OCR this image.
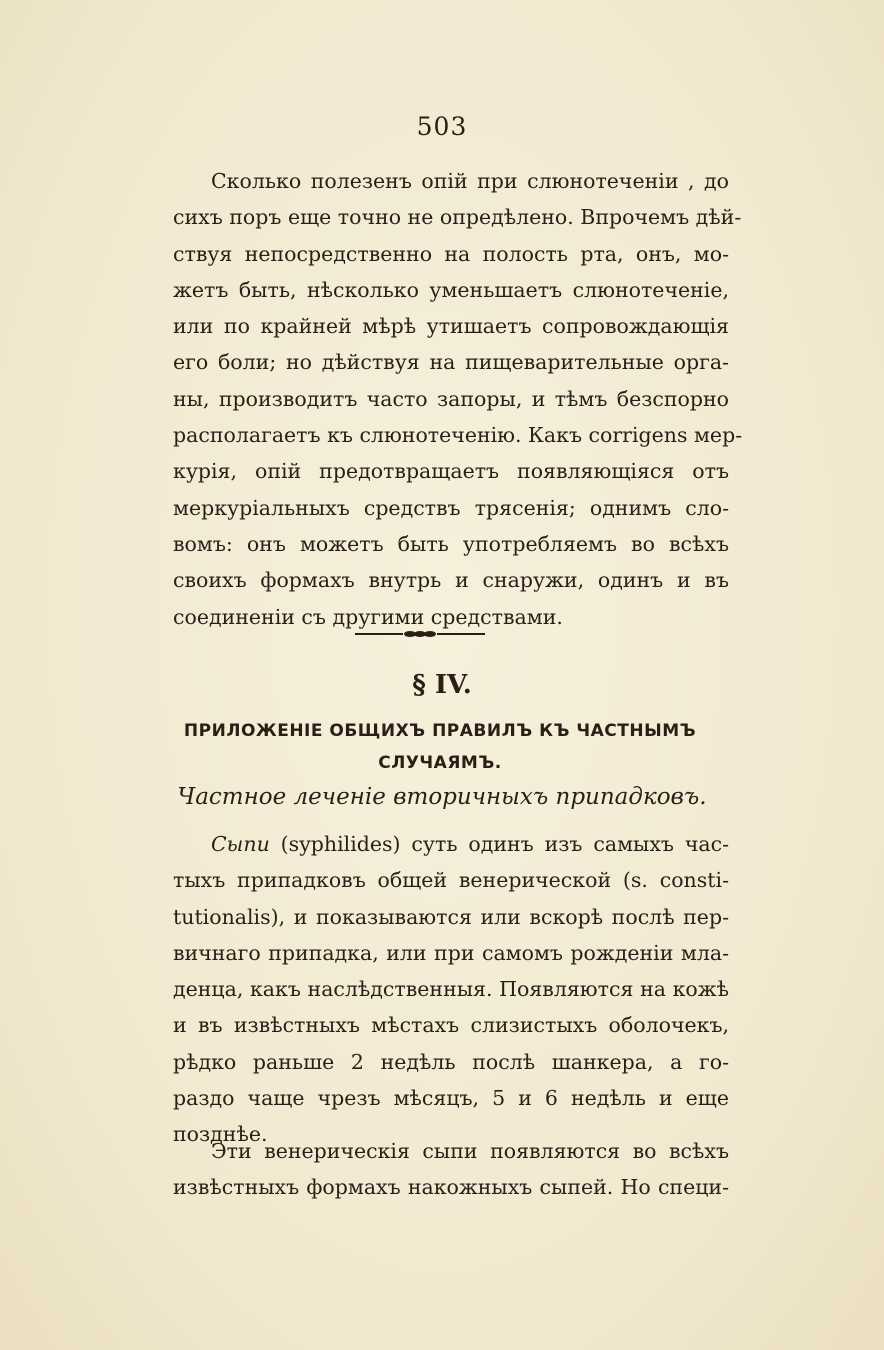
503
Сколько полезенъ опій при слюнотеченіи , до
сихъ поръ еще точно не опредѣлено. Впрочемъ дѣй-
ствуя непосредственно на полость рта, онъ, мо-
жетъ быть, нѣсколько уменьшаетъ слюнотеченіе,
или по крайней мѣрѣ утишаетъ сопровождающія
его боли; но дѣйствуя на пищеварительные орга-
ны, производитъ часто запоры, и тѣмъ безспорно
располагаетъ къ слюнотеченію. Какъ corrigens мер-
курія, опій предотвращаетъ появляющіяся отъ
меркуріальныхъ средствъ трясенія; однимъ сло-
вомъ: онъ можетъ быть употребляемъ во всѣхъ
своихъ формахъ внутрь и снаружи, одинъ и въ
соединеніи съ другими средствами.
§ IV.
ПРИЛОЖЕНІЕ ОБЩИХЪ ПРАВИЛЪ КЪ ЧАСТНЫМЪ
СЛУЧАЯМЪ.
Частное леченіе вторичныхъ припадковъ.
Сыпи (syphilides) суть одинъ изъ самыхъ час-
тыхъ припадковъ общей венерической (s. consti-
tutionalis), и показываются или вскорѣ послѣ пер-
вичнаго припадка, или при самомъ рожденіи мла-
денца, какъ наслѣдственныя. Появляются на кожѣ
и въ извѣстныхъ мѣстахъ слизистыхъ оболочекъ,
рѣдко раньше 2 недѣль послѣ шанкера, а го-
раздо чаще чрезъ мѣсяцъ, 5 и 6 недѣль и еще
позднѣе.
Эти венерическія сыпи появляются во всѣхъ
извѣстныхъ формахъ накожныхъ сыпей. Но специ-
